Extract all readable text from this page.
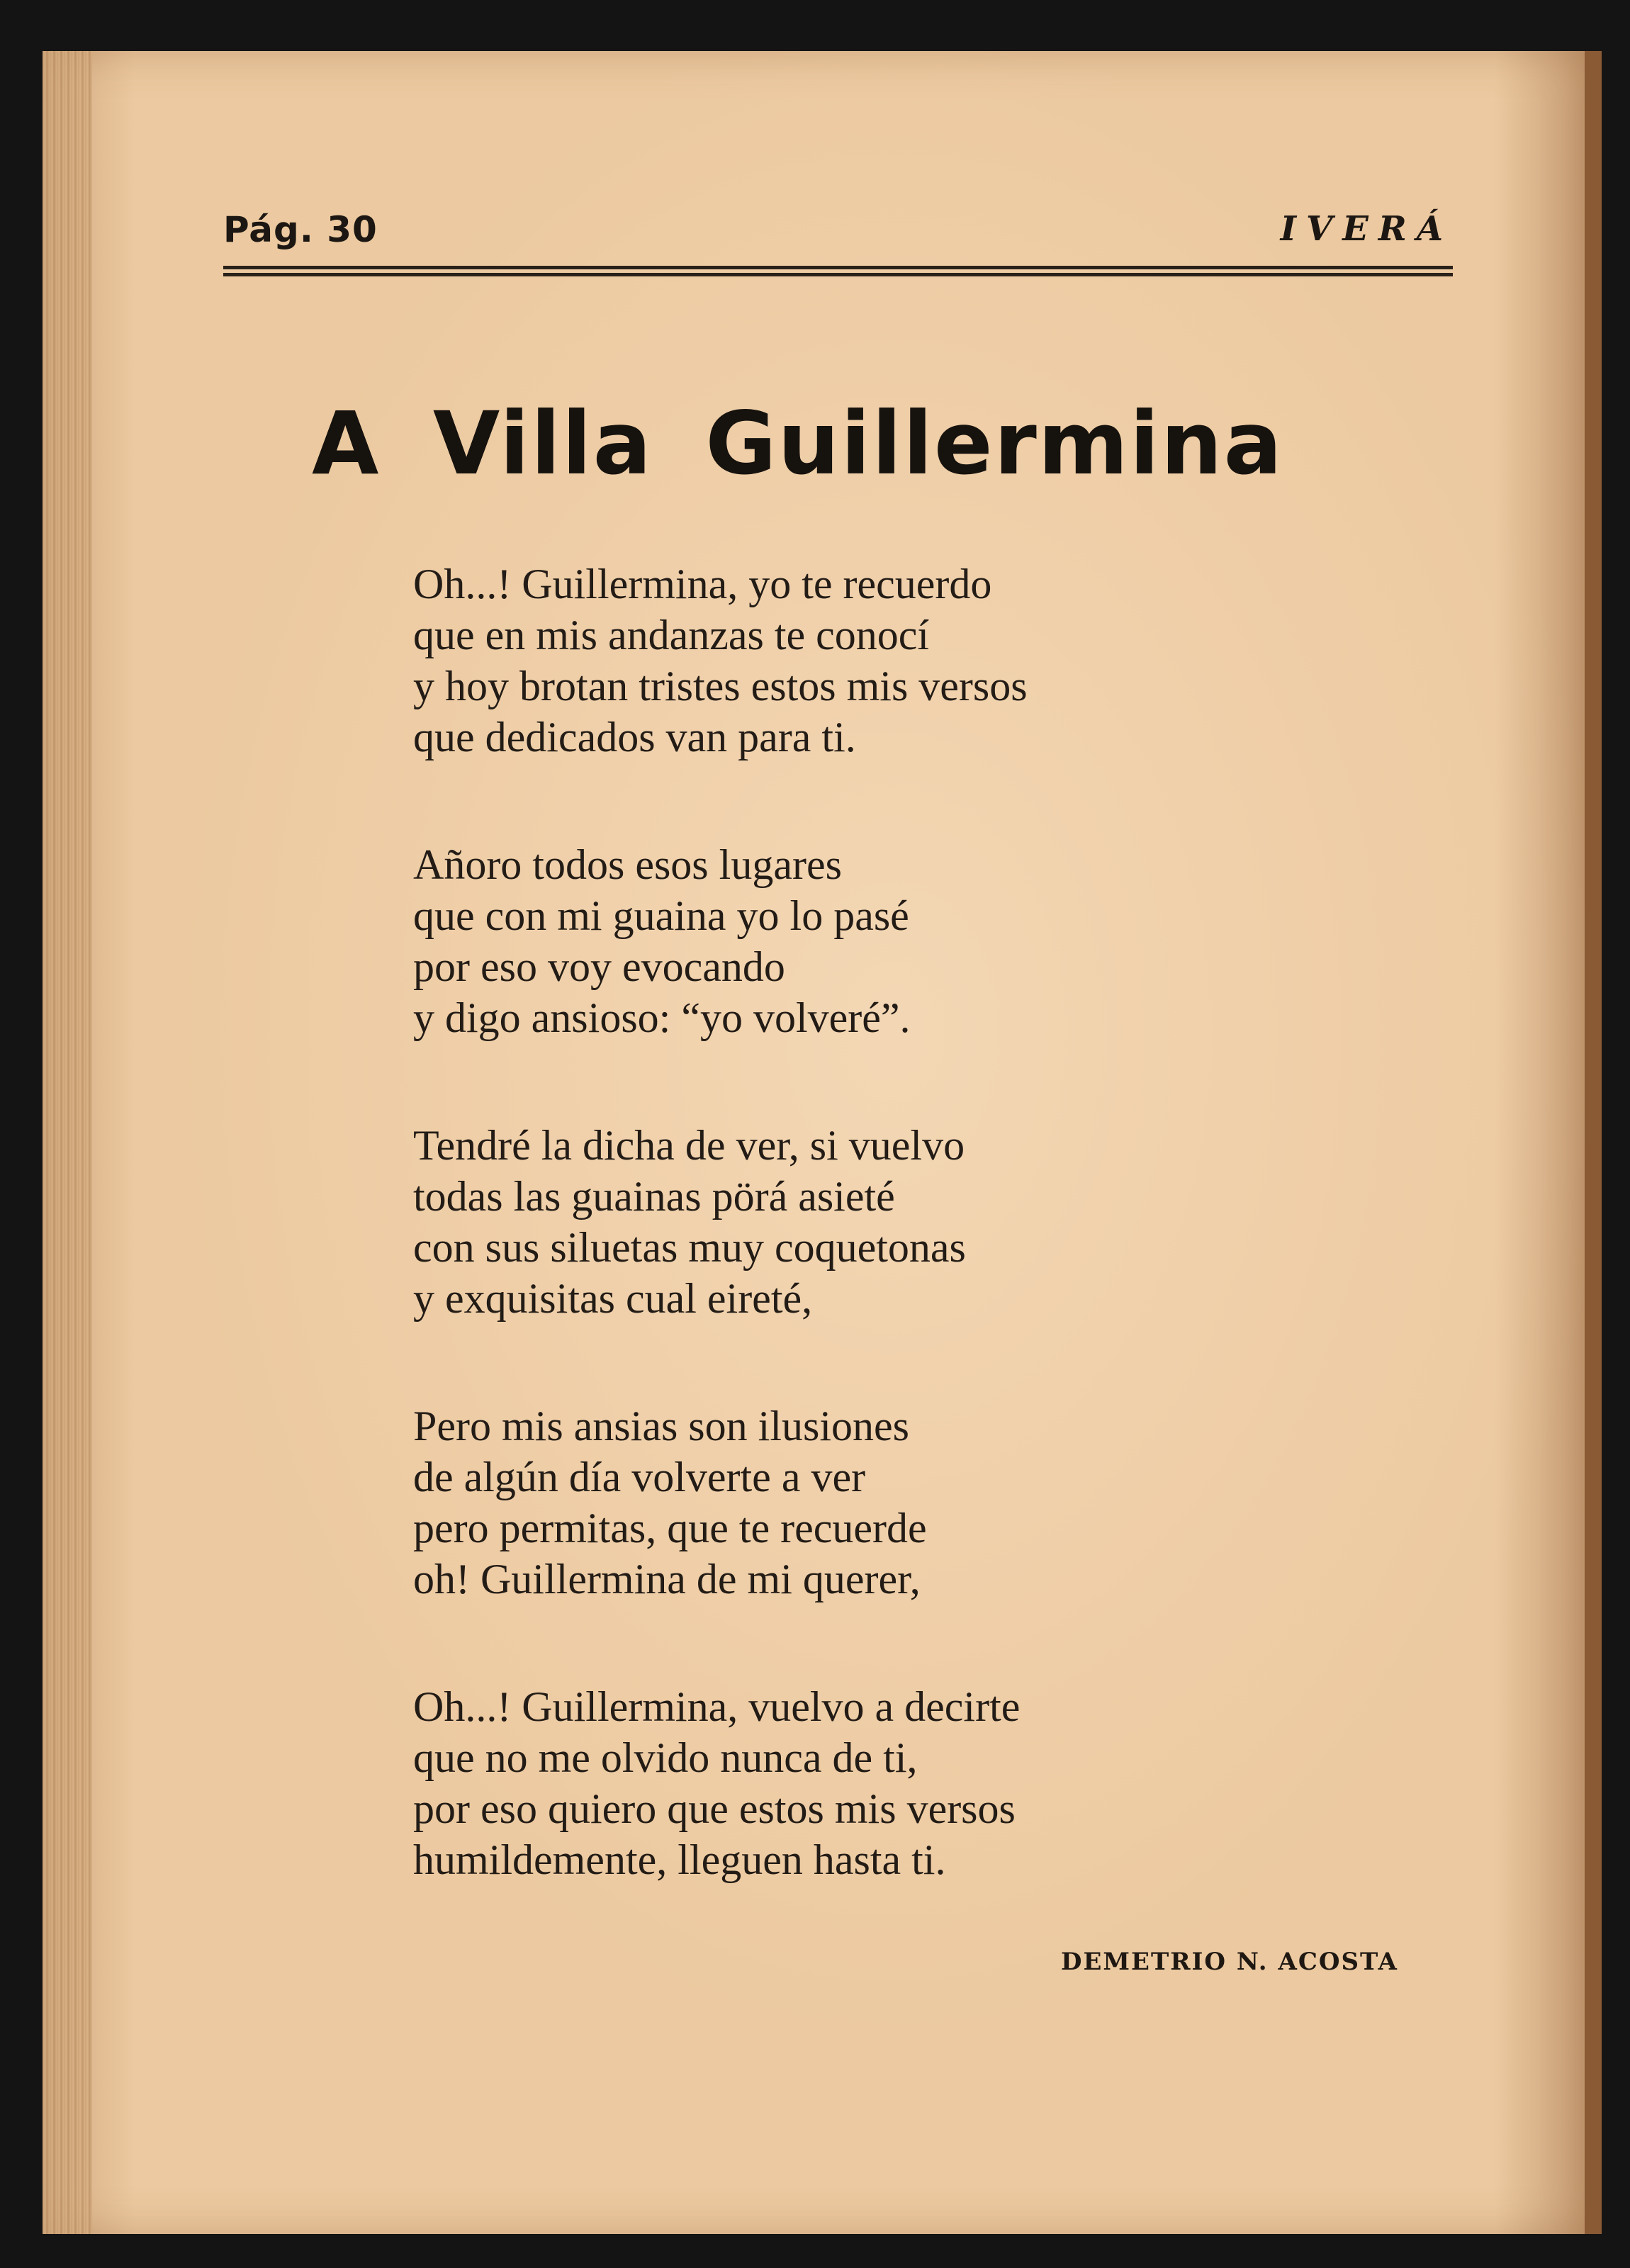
Pág. 30	IVERÁ
A Villa Guillermina
Oh...! Guillermina, yo te recuerdo
que en mis andanzas te conocí
y hoy brotan tristes estos mis versos
que dedicados van para ti.
Añoro todos esos lugares
que con mi guaina yo lo pasé
por eso voy evocando
y digo ansioso: “yo volveré”.
Tendré la dicha de ver, si vuelvo
todas las guainas pörá asieté
con sus siluetas muy coquetonas
y exquisitas cual eireté,
Pero mis ansias son ilusiones
de algún día volverte a ver
pero permitas, que te recuerde
oh! Guillermina de mi querer,
Oh...! Guillermina, vuelvo a decirte
que no me olvido nunca de ti,
por eso quiero que estos mis versos
humildemente, lleguen hasta ti.
DEMETRIO N. ACOSTA
